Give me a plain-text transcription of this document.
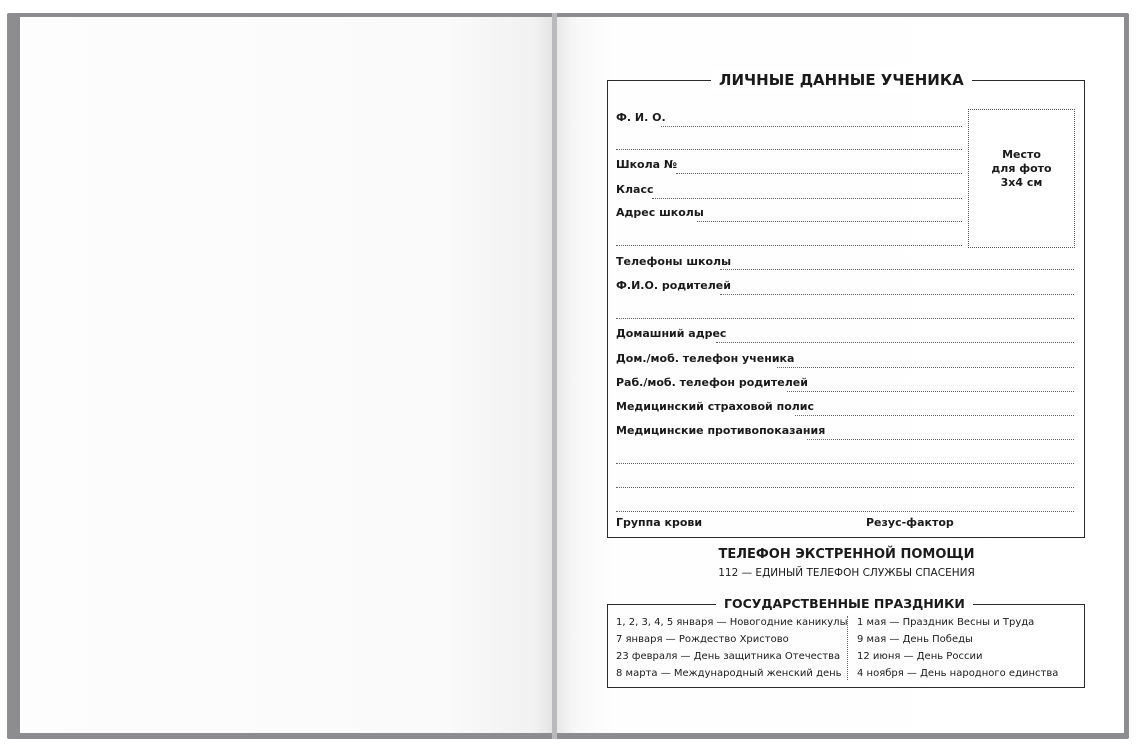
ЛИЧНЫЕ ДАННЫЕ УЧЕНИКА
Место
для фото
3х4 см
Ф. И. О.
Школа №
Класс
Адрес школы
Телефоны школы
Ф.И.О. родителей
Домашний адрес
Дом./моб. телефон ученика
Раб./моб. телефон родителей
Медицинский страховой полис
Медицинские противопоказания
Группа крови	Резус-фактор
ТЕЛЕФОН ЭКСТРЕННОЙ ПОМОЩИ
112 — ЕДИНЫЙ ТЕЛЕФОН СЛУЖБЫ СПАСЕНИЯ
ГОСУДАРСТВЕННЫЕ ПРАЗДНИКИ
1, 2, 3, 4, 5 января — Новогодние каникулы
7 января — Рождество Христово
23 февраля — День защитника Отечества
8 марта — Международный женский день
1 мая — Праздник Весны и Труда
9 мая — День Победы
12 июня — День России
4 ноября — День народного единства
